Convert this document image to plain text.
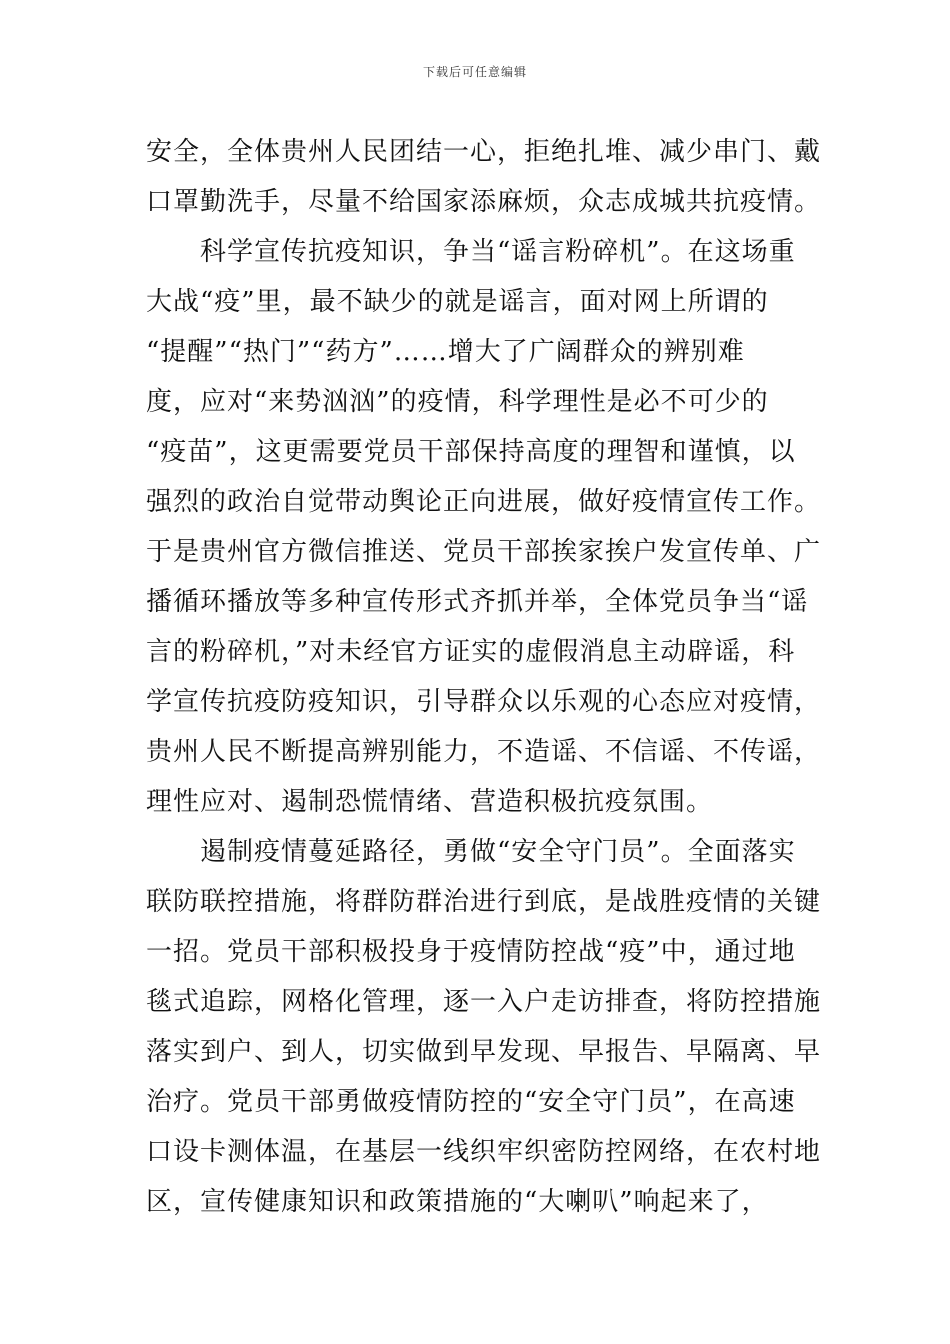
下载后可任意编辑
安全，全体贵州人民团结一心，拒绝扎堆、减少串门、戴
口罩勤洗手，尽量不给国家添麻烦，众志成城共抗疫情。
　　科学宣传抗疫知识，争当“谣言粉碎机”。在这场重
大战“疫”里，最不缺少的就是谣言，面对网上所谓的
“提醒”“热门”“药方”……增大了广阔群众的辨别难
度，应对“来势汹汹”的疫情，科学理性是必不可少的
“疫苗”，这更需要党员干部保持高度的理智和谨慎，以
强烈的政治自觉带动舆论正向进展，做好疫情宣传工作。
于是贵州官方微信推送、党员干部挨家挨户发宣传单、广
播循环播放等多种宣传形式齐抓并举，全体党员争当“谣
言的粉碎机，”对未经官方证实的虚假消息主动辟谣，科
学宣传抗疫防疫知识，引导群众以乐观的心态应对疫情，
贵州人民不断提高辨别能力，不造谣、不信谣、不传谣，
理性应对、遏制恐慌情绪、营造积极抗疫氛围。
　　遏制疫情蔓延路径，勇做“安全守门员”。全面落实
联防联控措施，将群防群治进行到底，是战胜疫情的关键
一招。党员干部积极投身于疫情防控战“疫”中，通过地
毯式追踪，网格化管理，逐一入户走访排查，将防控措施
落实到户、到人，切实做到早发现、早报告、早隔离、早
治疗。党员干部勇做疫情防控的“安全守门员”，在高速
口设卡测体温，在基层一线织牢织密防控网络，在农村地
区，宣传健康知识和政策措施的“大喇叭”响起来了，
